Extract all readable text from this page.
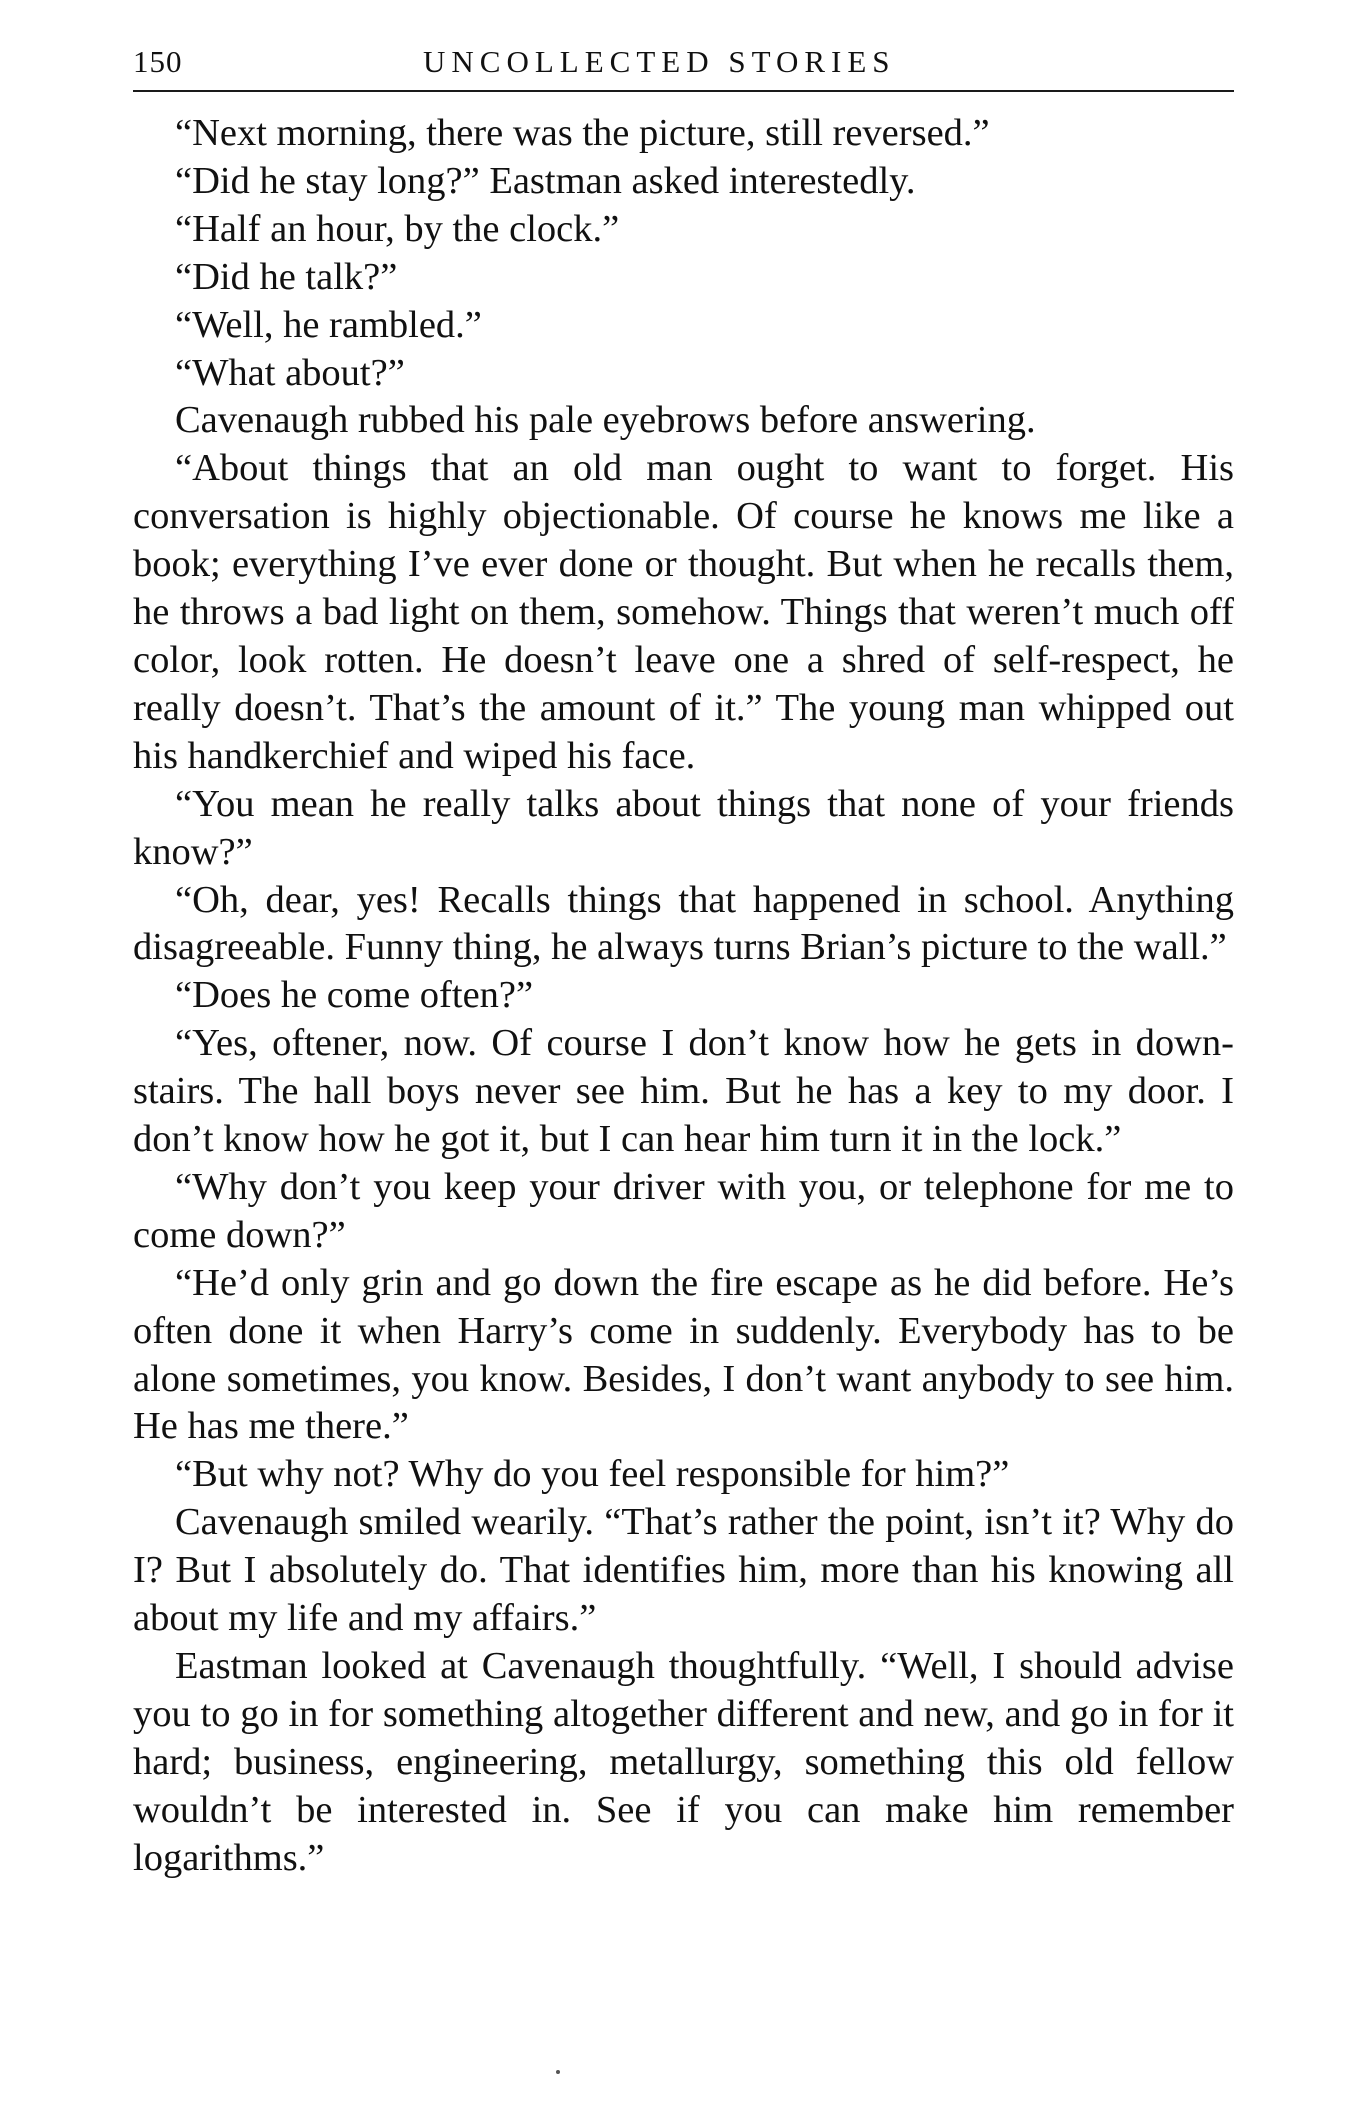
150	UNCOLLECTED STORIES

“Next morning, there was the picture, still reversed.”

“Did he stay long?” Eastman asked interestedly.

“Half an hour, by the clock.”

“Did he talk?”

“Well, he rambled.”

“What about?”

Cavenaugh rubbed his pale eyebrows before answering.

“About things that an old man ought to want to forget. His conversation is highly objectionable. Of course he knows me like a book; everything I’ve ever done or thought. But when he recalls them, he throws a bad light on them, somehow. Things that weren’t much off color, look rotten. He doesn’t leave one a shred of self-respect, he really doesn’t. That’s the amount of it.” The young man whipped out his handkerchief and wiped his face.

“You mean he really talks about things that none of your friends know?”

“Oh, dear, yes! Recalls things that happened in school. Anything disagreeable. Funny thing, he always turns Brian’s picture to the wall.”

“Does he come often?”

“Yes, oftener, now. Of course I don’t know how he gets in down-stairs. The hall boys never see him. But he has a key to my door. I don’t know how he got it, but I can hear him turn it in the lock.”

“Why don’t you keep your driver with you, or telephone for me to come down?”

“He’d only grin and go down the fire escape as he did before. He’s often done it when Harry’s come in suddenly. Everybody has to be alone sometimes, you know. Besides, I don’t want anybody to see him. He has me there.”

“But why not? Why do you feel responsible for him?”

Cavenaugh smiled wearily. “That’s rather the point, isn’t it? Why do I? But I absolutely do. That identifies him, more than his knowing all about my life and my affairs.”

Eastman looked at Cavenaugh thoughtfully. “Well, I should advise you to go in for something altogether different and new, and go in for it hard; business, engineering, metallurgy, something this old fellow wouldn’t be interested in. See if you can make him remember logarithms.”
